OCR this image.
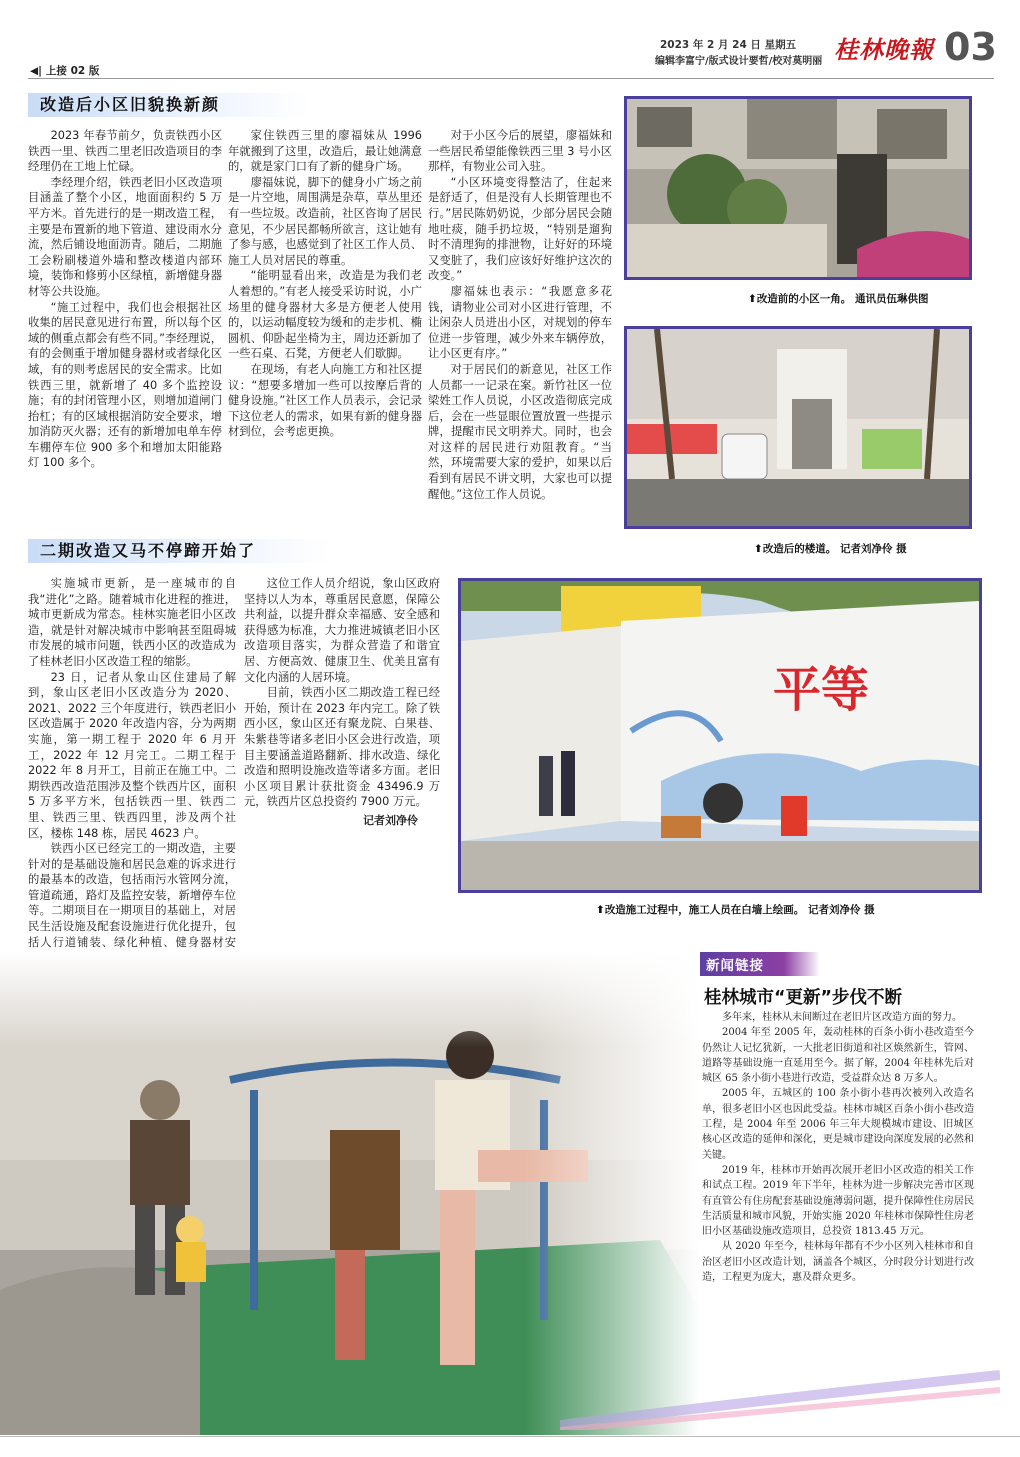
2023 年 2 月 24 日 星期五
编辑李富宁/版式设计要哲/校对莫明丽 桂林晚報 03
◀| 上接 02 版
改造后小区旧貌换新颜

2023 年春节前夕，负责铁西小区铁西一里、铁西二里老旧改造项目的李经理仍在工地上忙碌。

李经理介绍，铁西老旧小区改造项目涵盖了整个小区，地面面积约 5 万平方米。首先进行的是一期改造工程，主要是布置新的地下管道、建设雨水分流，然后铺设地面沥青。随后，二期施工会粉刷楼道外墙和整改楼道内部环境，装饰和修剪小区绿植，新增健身器材等公共设施。

“施工过程中，我们也会根据社区收集的居民意见进行布置，所以每个区域的侧重点都会有些不同。”李经理说，有的会侧重于增加健身器材或者绿化区域，有的则考虑居民的安全需求。比如铁西三里，就新增了 40 多个监控设施；有的封闭管理小区，则增加道闸门抬杠；有的区域根据消防安全要求，增加消防灭火器；还有的新增加电单车停车棚停车位 900 多个和增加太阳能路灯 100 多个。

家住铁西三里的廖福妹从 1996 年就搬到了这里，改造后，最让她满意的，就是家门口有了新的健身广场。

廖福妹说，脚下的健身小广场之前是一片空地，周围满是杂草，草丛里还有一些垃圾。改造前，社区咨询了居民意见，不少居民都畅所欲言，这让她有了参与感，也感觉到了社区工作人员、施工人员对居民的尊重。

“能明显看出来，改造是为我们老人着想的。”有老人接受采访时说，小广场里的健身器材大多是方便老人使用的，以运动幅度较为缓和的走步机、椭圆机、仰卧起坐椅为主，周边还新加了一些石桌、石凳，方便老人们歇脚。

在现场，有老人向施工方和社区提议：“想要多增加一些可以按摩后背的健身设施。”社区工作人员表示，会记录下这位老人的需求，如果有新的健身器材到位，会考虑更换。

对于小区今后的展望，廖福妹和一些居民希望能像铁西三里 3 号小区那样，有物业公司入驻。

“小区环境变得整洁了，住起来是舒适了，但是没有人长期管理也不行。”居民陈奶奶说，少部分居民会随地吐痰，随手扔垃圾，“特别是遛狗时不清理狗的排泄物，让好好的环境又变脏了，我们应该好好维护这次的改变。”

廖福妹也表示：“我愿意多花钱，请物业公司对小区进行管理，不让闲杂人员进出小区，对规划的停车位进一步管理，减少外来车辆停放，让小区更有序。”

对于居民们的新意见，社区工作人员都一一记录在案。新竹社区一位梁姓工作人员说，小区改造彻底完成后，会在一些显眼位置放置一些提示牌，提醒市民文明养犬。同时，也会对这样的居民进行劝阻教育。“当然，环境需要大家的爱护，如果以后看到有居民不讲文明，大家也可以提醒他。”这位工作人员说。

⬆改造前的小区一角。 通讯员伍琳供图
⬆改造后的楼道。 记者刘净伶 摄
二期改造又马不停蹄开始了

实施城市更新，是一座城市的自我“进化”之路。随着城市化进程的推进，城市更新成为常态。桂林实施老旧小区改造，就是针对解决城市中影响甚至阻碍城市发展的城市问题，铁西小区的改造成为了桂林老旧小区改造工程的缩影。

23 日，记者从象山区住建局了解到，象山区老旧小区改造分为 2020、2021、2022 三个年度进行，铁西老旧小区改造属于 2020 年改造内容，分为两期实施，第一期工程于 2020 年 6 月开工，2022 年 12 月完工。二期工程于 2022 年 8 月开工，目前正在施工中。二期铁西改造范围涉及整个铁西片区，面积 5 万多平方米，包括铁西一里、铁西二里、铁西三里、铁西四里，涉及两个社区，楼栋 148 栋，居民 4623 户。

铁西小区已经完工的一期改造，主要针对的是基础设施和居民急难的诉求进行的最基本的改造，包括雨污水管网分流，管道疏通，路灯及监控安装，新增停车位等。二期项目在一期项目的基础上，对居民生活设施及配套设施进行优化提升，包括人行道铺装、绿化种植、健身器材安

这位工作人员介绍说，象山区政府坚持以人为本，尊重居民意愿，保障公共利益，以提升群众幸福感、安全感和获得感为标准，大力推进城镇老旧小区改造项目落实，为群众营造了和谐宜居、方便高效、健康卫生、优美且富有文化内涵的人居环境。

目前，铁西小区二期改造工程已经开始，预计在 2023 年内完工。除了铁西小区，象山区还有聚龙院、白果巷、朱紫巷等诸多老旧小区会进行改造，项目主要涵盖道路翻新、排水改造、绿化改造和照明设施改造等诸多方面。老旧小区项目累计获批资金 43496.9 万元，铁西片区总投资约 7900 万元。

记者刘净伶
平等
⬆改造施工过程中，施工人员在白墙上绘画。 记者刘净伶 摄
新闻链接
桂林城市“更新”步伐不断

多年来，桂林从未间断过在老旧片区改造方面的努力。

2004 年至 2005 年，轰动桂林的百条小街小巷改造至今仍然让人记忆犹新，一大批老旧街道和社区焕然新生，管网、道路等基础设施一直延用至今。据了解，2004 年桂林先后对城区 65 条小街小巷进行改造，受益群众达 8 万多人。

2005 年，五城区的 100 条小街小巷再次被列入改造名单，很多老旧小区也因此受益。桂林市城区百条小街小巷改造工程，是 2004 年至 2006 年三年大规模城市建设、旧城区核心区改造的延伸和深化，更是城市建设向深度发展的必然和关键。

2019 年，桂林市开始再次展开老旧小区改造的相关工作和试点工程。2019 年下半年，桂林为进一步解决完善市区现有直管公有住房配套基础设施薄弱问题，提升保障性住房居民生活质量和城市风貌，开始实施 2020 年桂林市保障性住房老旧小区基础设施改造项目，总投资 1813.45 万元。

从 2020 年至今，桂林每年都有不少小区列入桂林市和自治区老旧小区改造计划，涵盖各个城区，分时段分计划进行改造，工程更为庞大，惠及群众更多。
